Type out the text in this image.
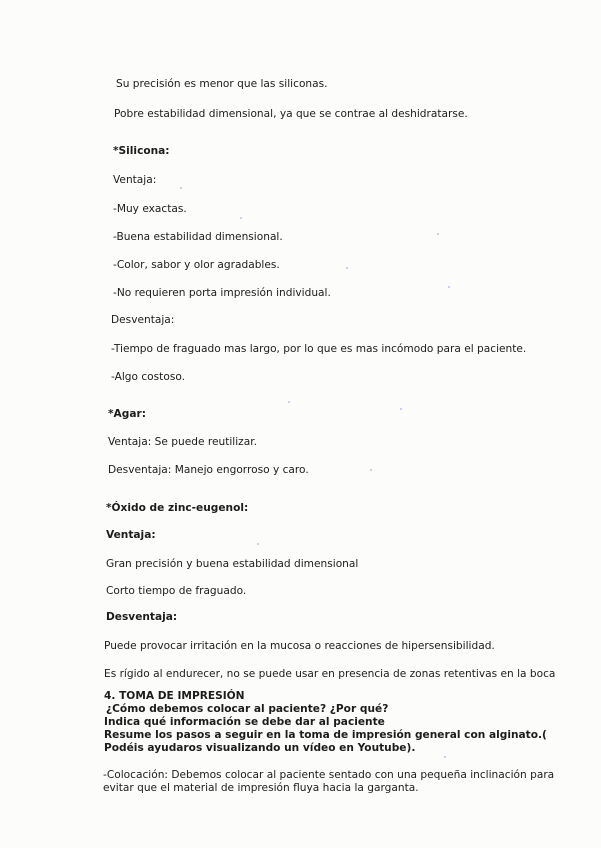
Su precisión es menor que las siliconas.
Pobre estabilidad dimensional, ya que se contrae al deshidratarse.
*Silicona:
Ventaja:
-Muy exactas.
-Buena estabilidad dimensional.
-Color, sabor y olor agradables.
-No requieren porta impresión individual.
Desventaja:
-Tiempo de fraguado mas largo, por lo que es mas incómodo para el paciente.
-Algo costoso.
*Agar:
Ventaja: Se puede reutilizar.
Desventaja: Manejo engorroso y caro.
*Óxido de zinc-eugenol:
Ventaja:
Gran precisión y buena estabilidad dimensional
Corto tiempo de fraguado.
Desventaja:
Puede provocar irritación en la mucosa o reacciones de hipersensibilidad.
Es rígido al endurecer, no se puede usar en presencia de zonas retentivas en la boca
4. TOMA DE IMPRESIÓN
¿Cómo debemos colocar al paciente? ¿Por qué?
Indica qué información se debe dar al paciente
Resume los pasos a seguir en la toma de impresión general con alginato.(
Podéis ayudaros visualizando un vídeo en Youtube).
-Colocación: Debemos colocar al paciente sentado con una pequeña inclinación para
evitar que el material de impresión fluya hacia la garganta.
